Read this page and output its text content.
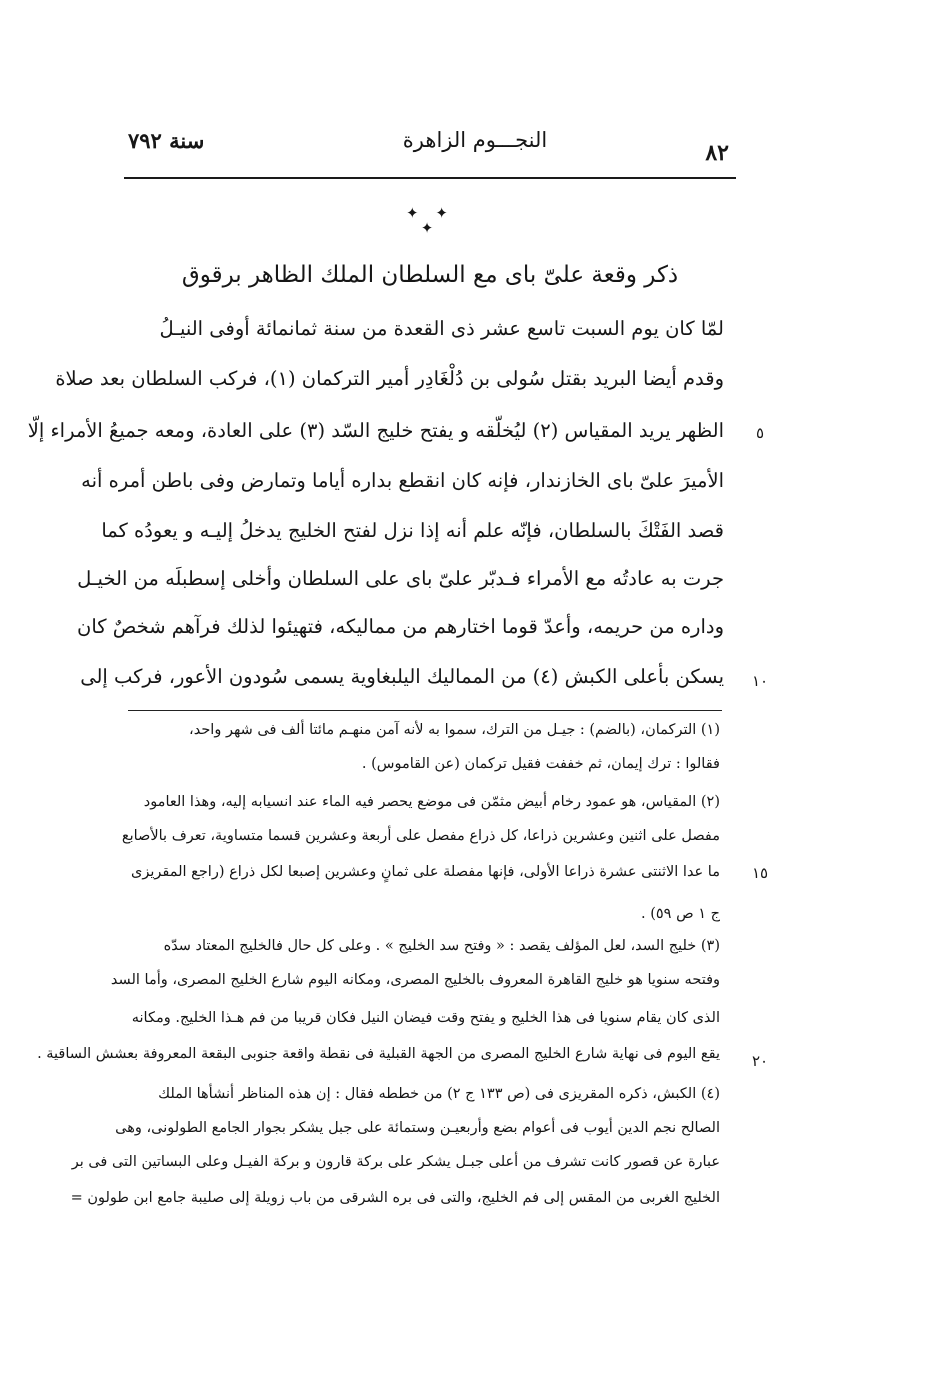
سنة ٧٩٢	النجـــوم الزاهرة	٨٢
✦ ✦ ✦
ذكر وقعة علىّ باى مع السلطان الملك الظاهر برقوق
لمّا كان يوم السبت تاسع عشر ذى القعدة من سنة ثمانمائة أوفى النيـلُ
وقدم أيضا البريد بقتل سُولى بن دُلْغَادِر أمير التركمان (١)، فركب السلطان بعد صلاة
الظهر يريد المقياس (٢) ليُخلّقه و يفتح خليج السّد (٣) على العادة، ومعه جميعُ الأمراء إلّا
الأميرَ علىّ باى الخازندار، فإنه كان انقطع بداره أياما وتمارض وفى باطن أمره أنه
قصد الفَتْكَ بالسلطان، فإنّه علم أنه إذا نزل لفتح الخليج يدخلُ إليـه و يعودُه كما
جرت به عادتُه مع الأمراء فـدبّر علىّ باى على السلطان وأخلى إسطبلَه من الخيـل
وداره من حريمه، وأعدّ قوما اختارهم من مماليكه، فتهيئوا لذلك فرآهم شخصٌ كان
يسكن بأعلى الكبش (٤) من المماليك اليلبغاوية يسمى سُودون الأعور، فركب إلى
٥
١٠
(١) التركمان، (بالضم) : جيـل من الترك، سموا به لأنه آمن منهـم مائتا ألف فى شهر واحد،
فقالوا : ترك إيمان، ثم خففت فقيل تركمان (عن القاموس) .
(٢) المقياس، هو عمود رخام أبيض مثمّن فى موضع يحصر فيه الماء عند انسيابه إليه، وهذا العامود
مفصل على اثنين وعشرين ذراعا، كل ذراع مفصل على أربعة وعشرين قسما متساوية، تعرف بالأصابع
ما عدا الاثنتى عشرة ذراعا الأولى، فإنها مفصلة على ثمانٍ وعشرين إصبعا لكل ذراع (راجع المقريزى
ج ١ ص ٥٩) .
(٣) خليج السد، لعل المؤلف يقصد : « وفتح سد الخليج » . وعلى كل حال فالخليج المعتاد سدّه
وفتحه سنويا هو خليج القاهرة المعروف بالخليج المصرى، ومكانه اليوم شارع الخليج المصرى، وأما السد
الذى كان يقام سنويا فى هذا الخليج و يفتح وقت فيضان النيل فكان قريبا من فم هـذا الخليج. ومكانه
يقع اليوم فى نهاية شارع الخليج المصرى من الجهة القبلية فى نقطة واقعة جنوبى البقعة المعروفة بعشش الساقية .
(٤) الكبش، ذكره المقريزى فى (ص ١٣٣ ج ٢) من خططه فقال : إن هذه المناظر أنشأها الملك
الصالح نجم الدين أيوب فى أعوام بضع وأربعيـن وستمائة على جبل يشكر بجوار الجامع الطولونى، وهى
عبارة عن قصور كانت تشرف من أعلى جبـل يشكر على بركة قارون و بركة الفيـل وعلى البساتين التى فى بر
الخليج الغربى من المقس إلى فم الخليج، والتى فى بره الشرقى من باب زويلة إلى صليبة جامع ابن طولون =
١٥
٢٠
